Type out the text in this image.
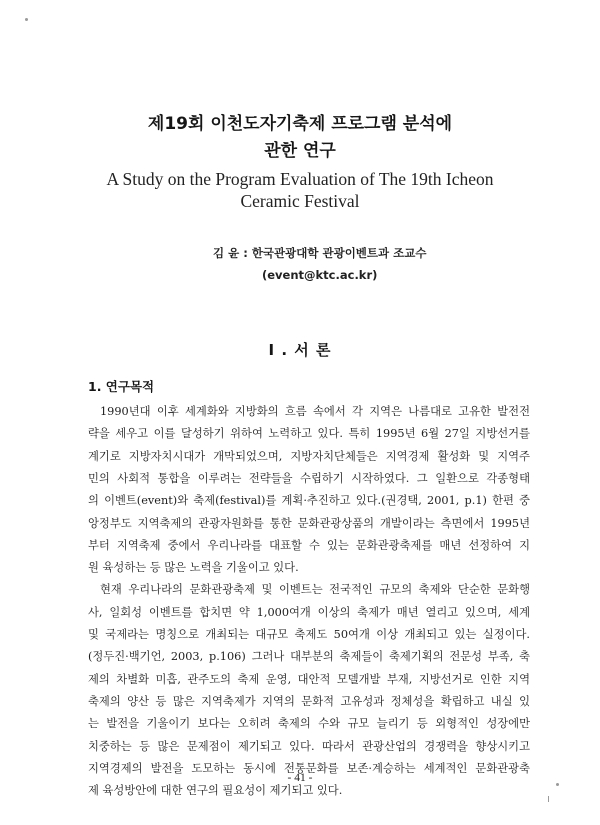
제19회 이천도자기축제 프로그램 분석에
관한 연구
A Study on the Program Evaluation of The 19th Icheon
Ceramic Festival
김 윤 : 한국관광대학 관광이벤트과 조교수
(event@ktc.ac.kr)
I . 서 론
1. 연구목적
1990년대 이후 세계화와 지방화의 흐름 속에서 각 지역은 나름대로 고유한 발전전
략을 세우고 이를 달성하기 위하여 노력하고 있다. 특히 1995년 6월 27일 지방선거를
계기로 지방자치시대가 개막되었으며, 지방자치단체들은 지역경제 활성화 및 지역주
민의 사회적 통합을 이루려는 전략들을 수립하기 시작하였다. 그 일환으로 각종형태
의 이벤트(event)와 축제(festival)를 계획·추진하고 있다.(권경택, 2001, p.1) 한편 중
앙정부도 지역축제의 관광자원화를 통한 문화관광상품의 개발이라는 측면에서 1995년
부터 지역축제 중에서 우리나라를 대표할 수 있는 문화관광축제를 매년 선정하여 지
원 육성하는 등 많은 노력을 기울이고 있다.
현재 우리나라의 문화관광축제 및 이벤트는 전국적인 규모의 축제와 단순한 문화행
사, 일회성 이벤트를 합치면 약 1,000여개 이상의 축제가 매년 열리고 있으며, 세계
및 국제라는 명칭으로 개최되는 대규모 축제도 50여개 이상 개최되고 있는 실정이다.
(정두진·백기언, 2003, p.106) 그러나 대부분의 축제들이 축제기획의 전문성 부족, 축
제의 차별화 미흡, 관주도의 축제 운영, 대안적 모델개발 부재, 지방선거로 인한 지역
축제의 양산 등 많은 지역축제가 지역의 문화적 고유성과 정체성을 확립하고 내실 있
는 발전을 기울이기 보다는 오히려 축제의 수와 규모 늘리기 등 외형적인 성장에만
치중하는 등 많은 문제점이 제기되고 있다. 따라서 관광산업의 경쟁력을 향상시키고
지역경제의 발전을 도모하는 동시에 전통문화를 보존·계승하는 세계적인 문화관광축
제 육성방안에 대한 연구의 필요성이 제기되고 있다.
- 41 -
